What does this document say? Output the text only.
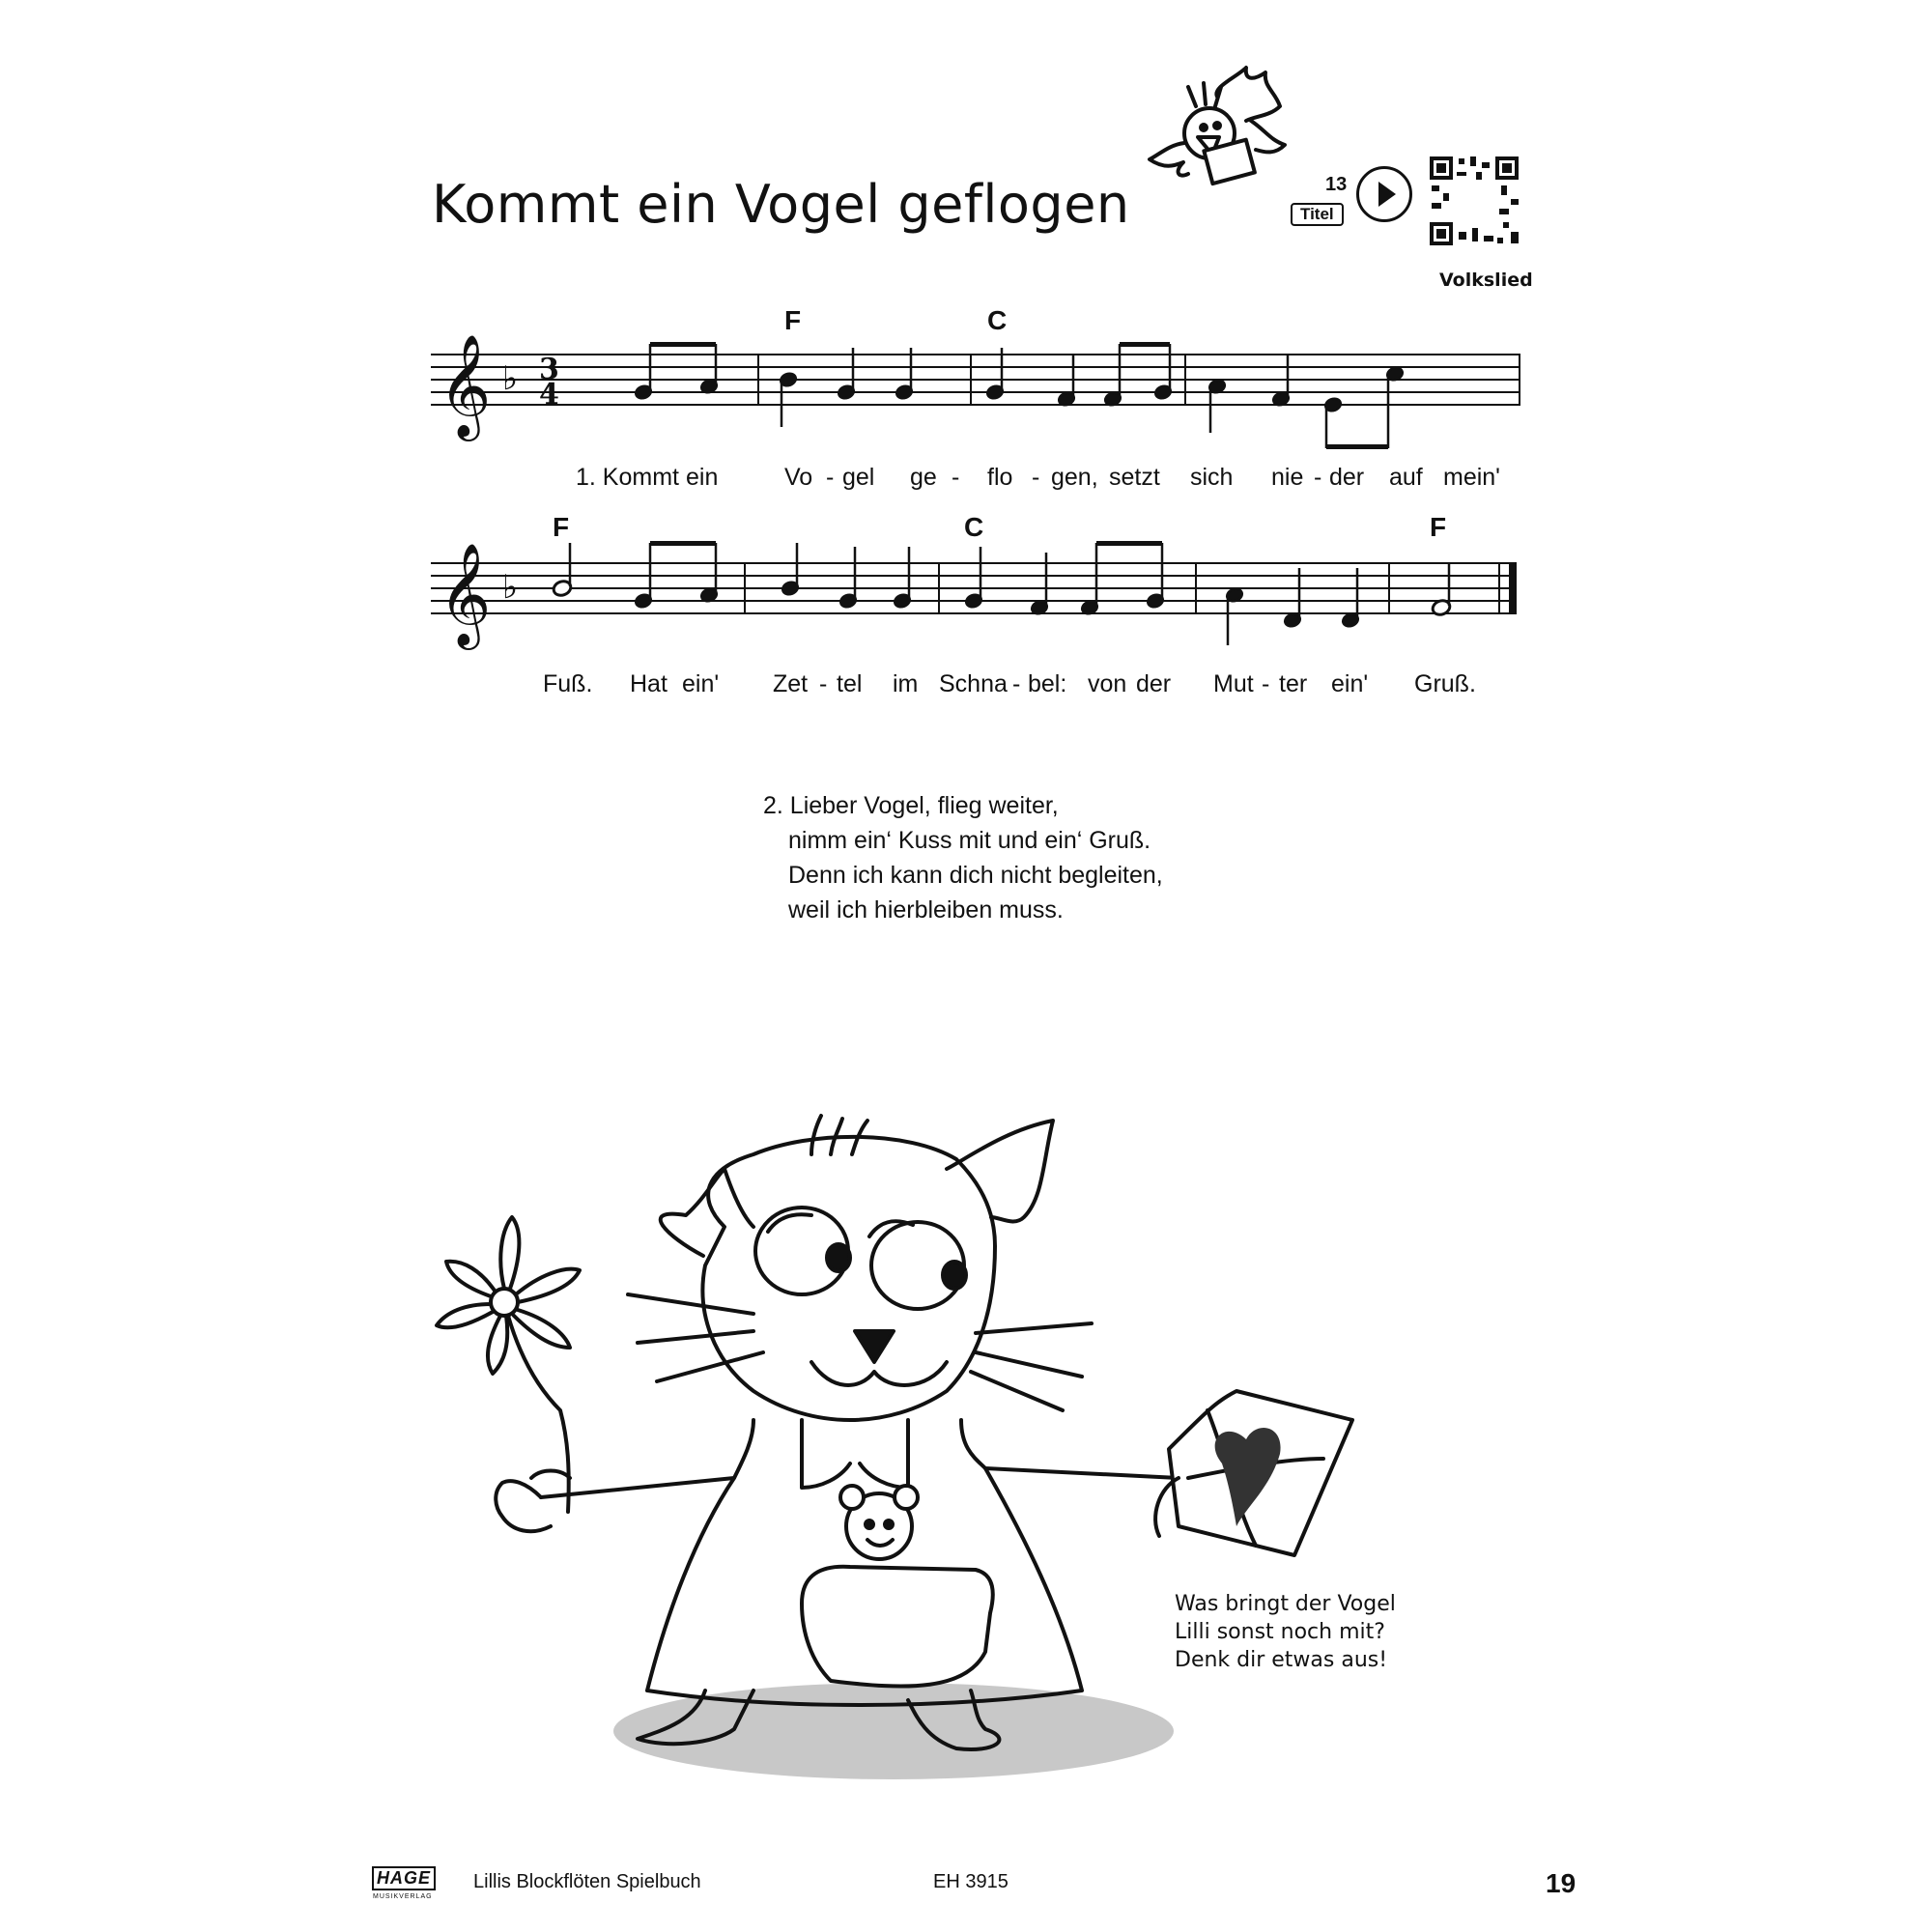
Kommt ein Vogel geflogen
Volkslied
13
Titel
F	C
𝄞 ♭ 3
4
1. Kommt ein	Vo - gel ge - flo - gen, setzt sich nie - der auf mein'
F	C	F
𝄞 ♭
Fuß. Hat ein' Zet - tel im Schna - bel: von der Mut - ter ein' Gruß.
2. Lieber Vogel, flieg weiter,
nimm ein‘ Kuss mit und ein‘ Gruß.
Denn ich kann dich nicht begleiten,
weil ich hierbleiben muss.
Was bringt der Vogel
Lilli sonst noch mit?
Denk dir etwas aus!
HAGE
MUSIKVERLAG
Lillis Blockflöten Spielbuch	EH 3915	19
